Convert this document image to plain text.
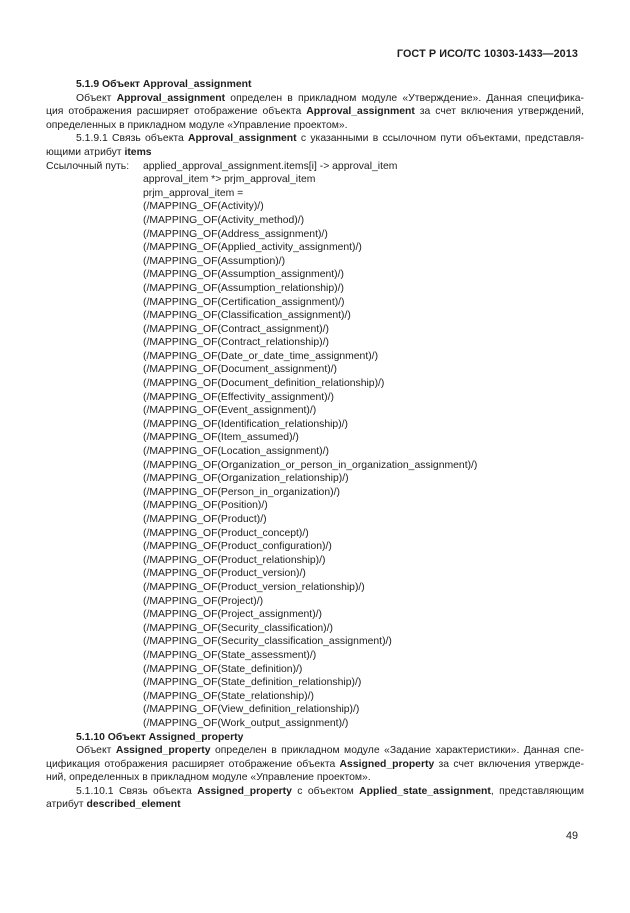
ГОСТ Р ИСО/ТС 10303-1433—2013
5.1.9 Объект Approval_assignment
Объект Approval_assignment определен в прикладном модуле «Утверждение». Данная специфика-
ция отображения расширяет отображение объекта Approval_assignment за счет включения утверждений,
определенных в прикладном модуле «Управление проектом».
5.1.9.1 Связь объекта Approval_assignment с указанными в ссылочном пути объектами, представля-
ющими атрибут items
Ссылочный путь:	applied_approval_assignment.items[i] -> approval_item
approval_item *> prjm_approval_item
prjm_approval_item =
(/MAPPING_OF(Activity)/)
(/MAPPING_OF(Activity_method)/)
(/MAPPING_OF(Address_assignment)/)
(/MAPPING_OF(Applied_activity_assignment)/)
(/MAPPING_OF(Assumption)/)
(/MAPPING_OF(Assumption_assignment)/)
(/MAPPING_OF(Assumption_relationship)/)
(/MAPPING_OF(Certification_assignment)/)
(/MAPPING_OF(Classification_assignment)/)
(/MAPPING_OF(Contract_assignment)/)
(/MAPPING_OF(Contract_relationship)/)
(/MAPPING_OF(Date_or_date_time_assignment)/)
(/MAPPING_OF(Document_assignment)/)
(/MAPPING_OF(Document_definition_relationship)/)
(/MAPPING_OF(Effectivity_assignment)/)
(/MAPPING_OF(Event_assignment)/)
(/MAPPING_OF(Identification_relationship)/)
(/MAPPING_OF(Item_assumed)/)
(/MAPPING_OF(Location_assignment)/)
(/MAPPING_OF(Organization_or_person_in_organization_assignment)/)
(/MAPPING_OF(Organization_relationship)/)
(/MAPPING_OF(Person_in_organization)/)
(/MAPPING_OF(Position)/)
(/MAPPING_OF(Product)/)
(/MAPPING_OF(Product_concept)/)
(/MAPPING_OF(Product_configuration)/)
(/MAPPING_OF(Product_relationship)/)
(/MAPPING_OF(Product_version)/)
(/MAPPING_OF(Product_version_relationship)/)
(/MAPPING_OF(Project)/)
(/MAPPING_OF(Project_assignment)/)
(/MAPPING_OF(Security_classification)/)
(/MAPPING_OF(Security_classification_assignment)/)
(/MAPPING_OF(State_assessment)/)
(/MAPPING_OF(State_definition)/)
(/MAPPING_OF(State_definition_relationship)/)
(/MAPPING_OF(State_relationship)/)
(/MAPPING_OF(View_definition_relationship)/)
(/MAPPING_OF(Work_output_assignment)/)
5.1.10 Объект Assigned_property
Объект Assigned_property определен в прикладном модуле «Задание характеристики». Данная спе-
цификация отображения расширяет отображение объекта Assigned_property за счет включения утвержде-
ний, определенных в прикладном модуле «Управление проектом».
5.1.10.1 Связь объекта Assigned_property с объектом Applied_state_assignment, представляющим
атрибут described_element
49
